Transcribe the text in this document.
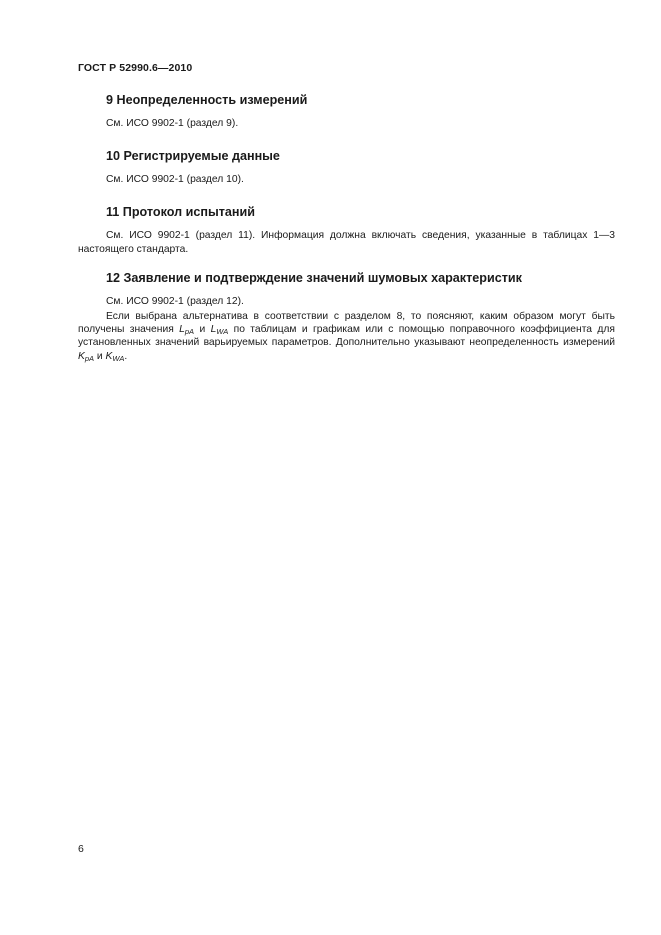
ГОСТ Р 52990.6—2010
9 Неопределенность измерений

См. ИСО 9902-1 (раздел 9).

10 Регистрируемые данные

См. ИСО 9902-1 (раздел 10).

11 Протокол испытаний

См. ИСО 9902-1 (раздел 11). Информация должна включать сведения, указанные в таблицах 1—3 настоящего стандарта.

12 Заявление и подтверждение значений шумовых характеристик

См. ИСО 9902-1 (раздел 12).

Если выбрана альтернатива в соответствии с разделом 8, то поясняют, каким образом могут быть получены значения $L_{pA}$ и $L_{WA}$ по таблицам и графикам или с помощью поправочного коэффициента для установленных значений варьируемых параметров. Дополнительно указывают неопределенность измерений $K_{pA}$ и $K_{WA}$.

6
